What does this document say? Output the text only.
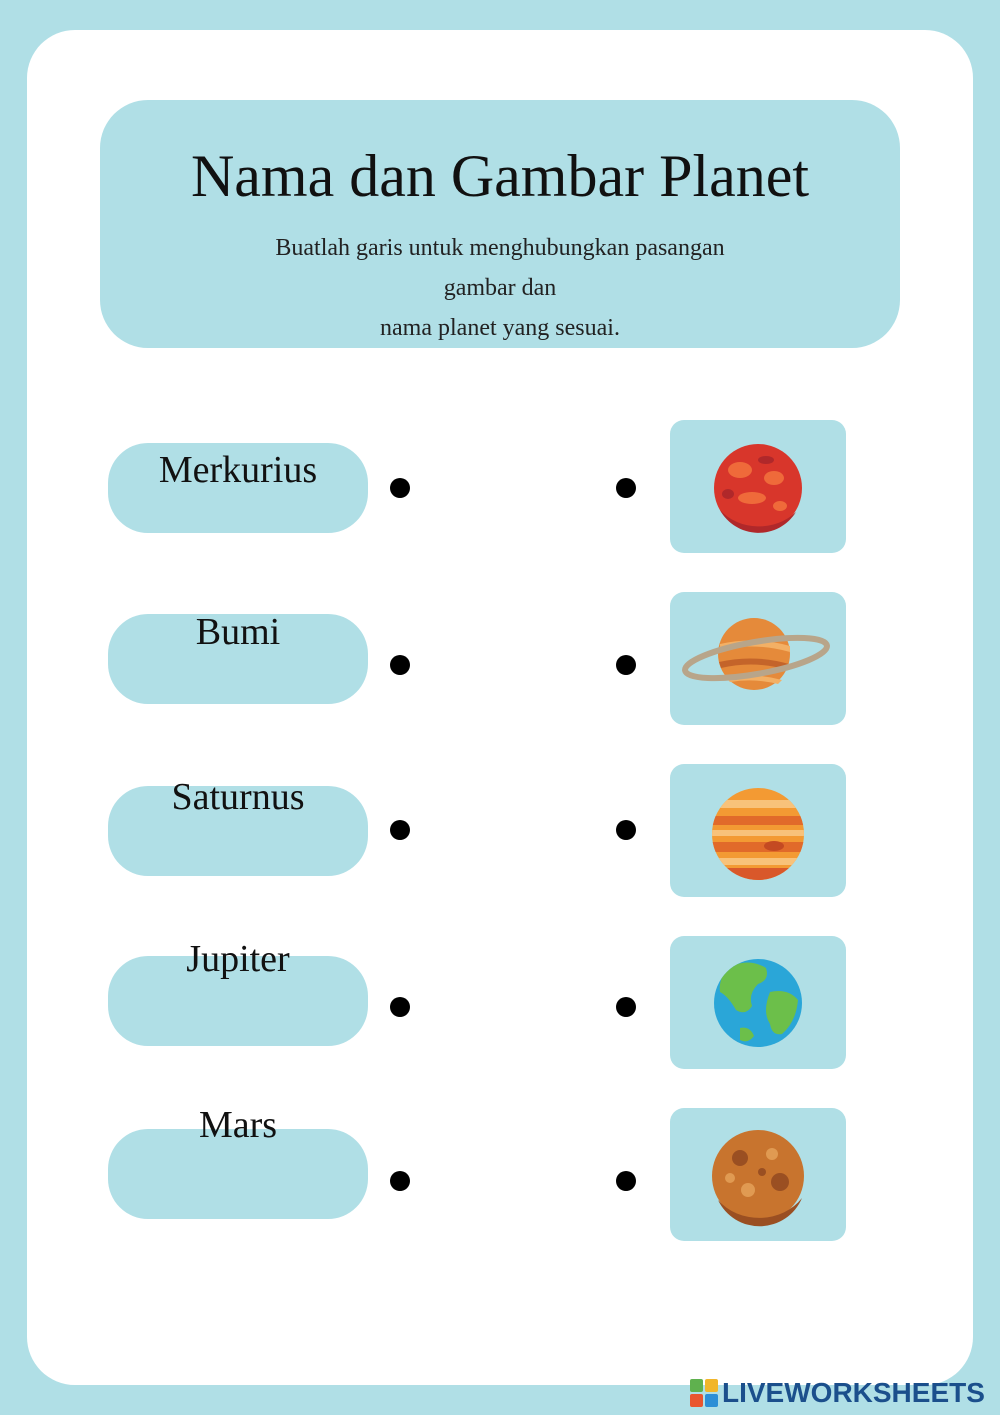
Nama dan Gambar Planet
Buatlah garis untuk menghubungkan pasangan gambar dan
nama planet yang sesuai.
Merkurius
Bumi
Saturnus
Jupiter
Mars
LIVEWORKSHEETS
